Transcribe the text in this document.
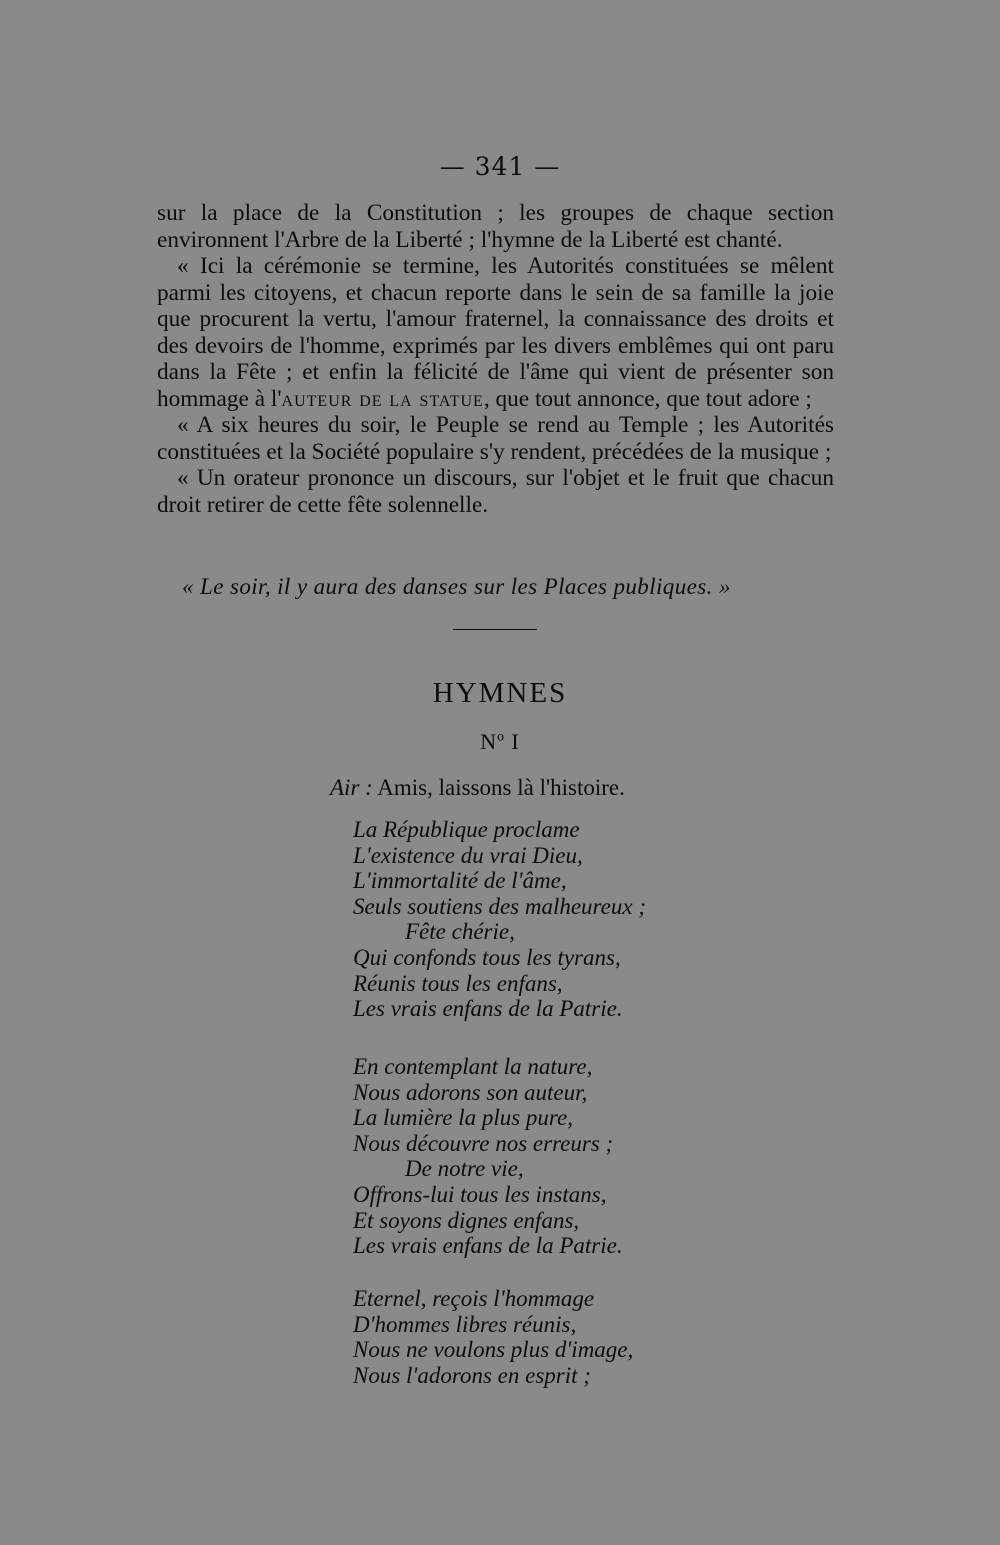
— 341 —

sur la place de la Constitution ; les groupes de chaque section environnent l'Arbre de la Liberté ; l'hymne de la Liberté est chanté.

« Ici la cérémonie se termine, les Autorités constituées se mêlent parmi les citoyens, et chacun reporte dans le sein de sa famille la joie que procurent la vertu, l'amour fraternel, la connaissance des droits et des devoirs de l'homme, exprimés par les divers emblêmes qui ont paru dans la Fête ; et enfin la félicité de l'âme qui vient de présenter son hommage à l'auteur de la statue, que tout annonce, que tout adore ;

« A six heures du soir, le Peuple se rend au Temple ; les Autorités constituées et la Société populaire s'y rendent, précédées de la musique ;

« Un orateur prononce un discours, sur l'objet et le fruit que chacun droit retirer de cette fête solennelle.

« Le soir, il y aura des danses sur les Places publiques. »
HYMNES
Nº I
Air : Amis, laissons là l'histoire.
La République proclame
L'existence du vrai Dieu,
L'immortalité de l'âme,
Seuls soutiens des malheureux ;
Fête chérie,
Qui confonds tous les tyrans,
Réunis tous les enfans,
Les vrais enfans de la Patrie.
En contemplant la nature,
Nous adorons son auteur,
La lumière la plus pure,
Nous découvre nos erreurs ;
De notre vie,
Offrons-lui tous les instans,
Et soyons dignes enfans,
Les vrais enfans de la Patrie.
Eternel, reçois l'hommage
D'hommes libres réunis,
Nous ne voulons plus d'image,
Nous l'adorons en esprit ;
